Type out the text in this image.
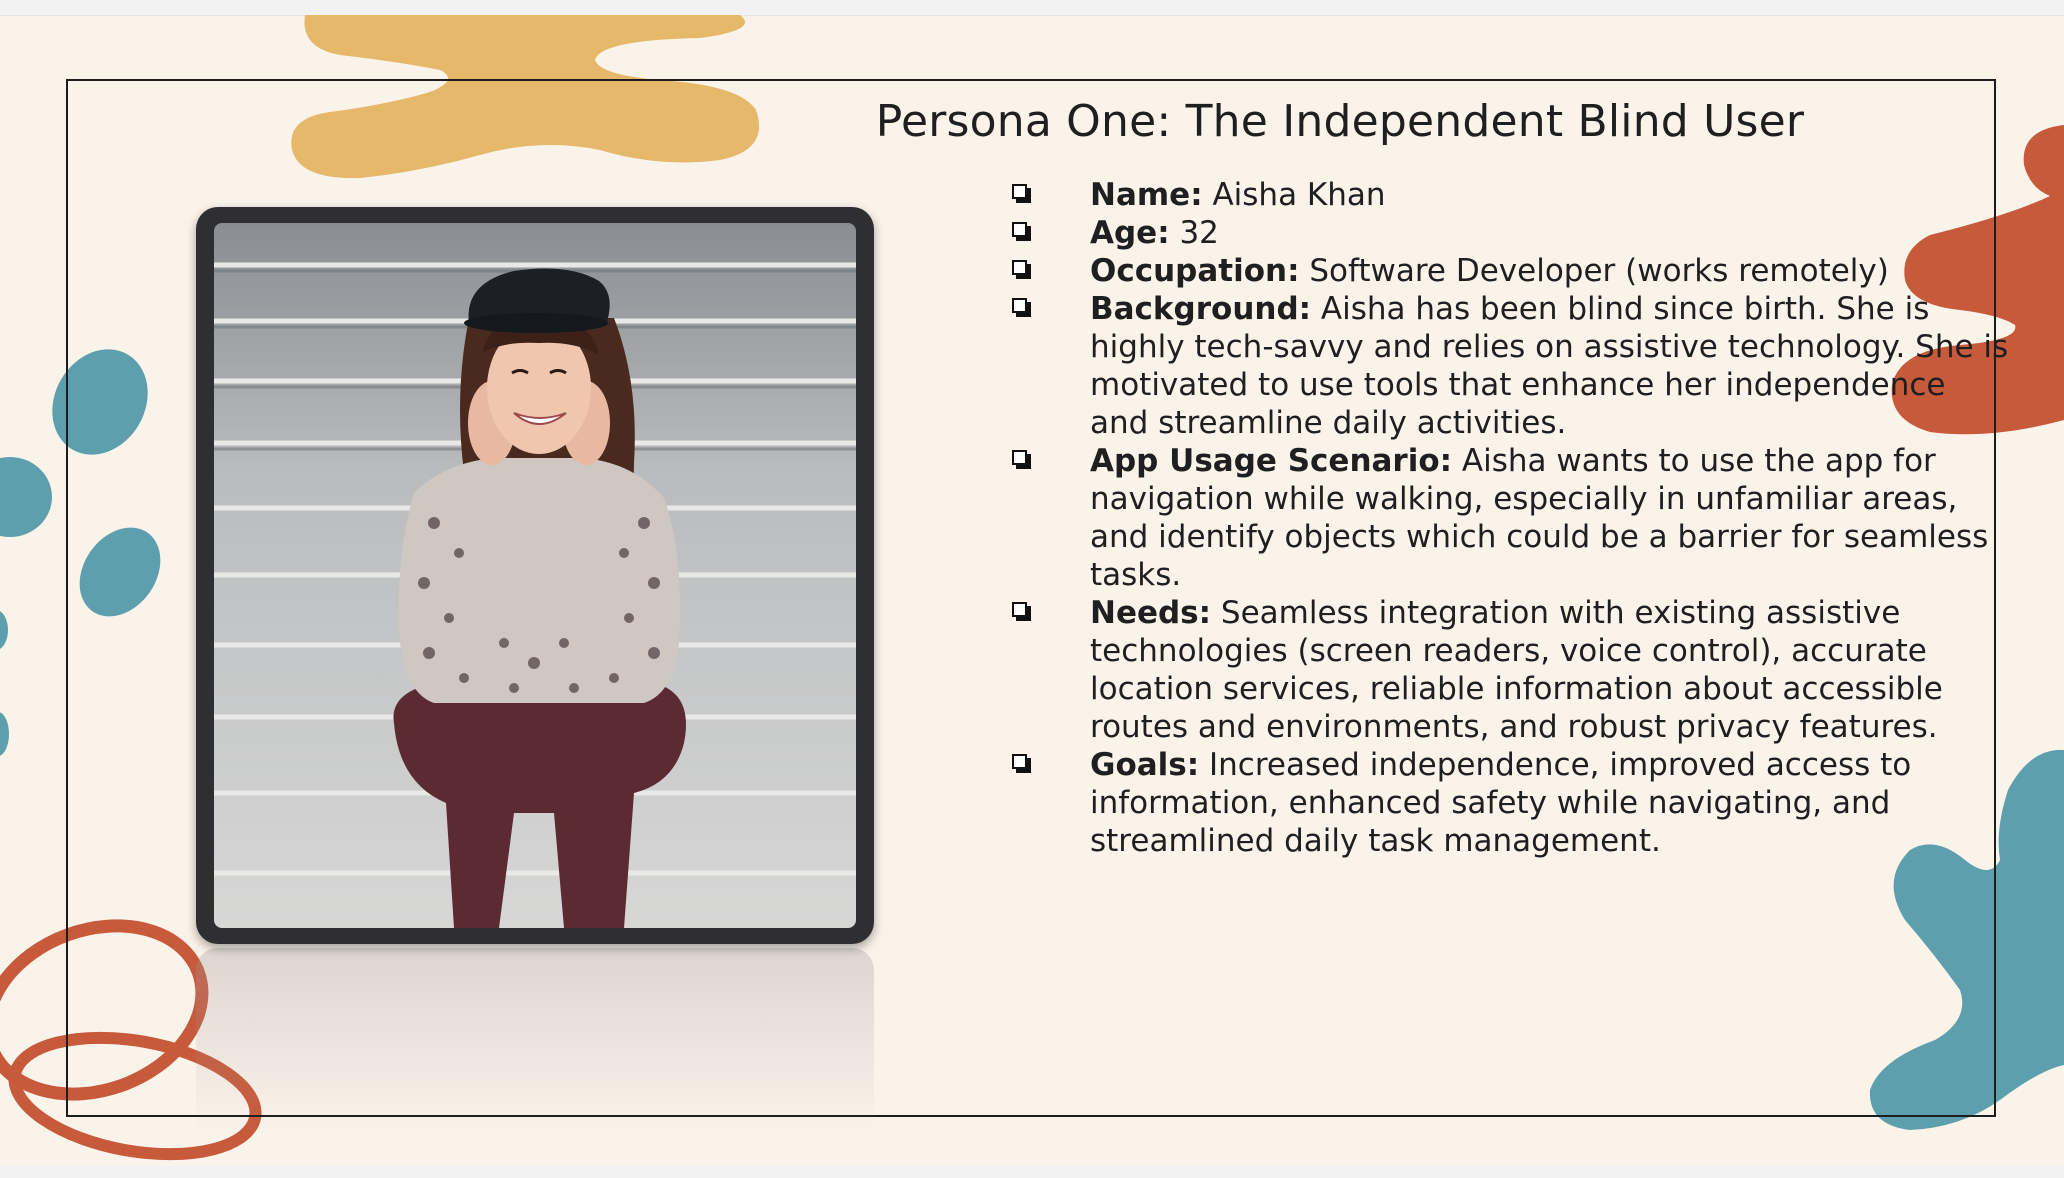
Persona One: The Independent Blind User
Name: Aisha Khan
Age: 32
Occupation: Software Developer (works remotely)
Background: Aisha has been blind since birth. She is highly tech-savvy and relies on assistive technology. She is motivated to use tools that enhance her independence and streamline daily activities.
App Usage Scenario: Aisha wants to use the app for navigation while walking, especially in unfamiliar areas, and identify objects which could be a barrier for seamless tasks.
Needs: Seamless integration with existing assistive technologies (screen readers, voice control), accurate location services, reliable information about accessible routes and environments, and robust privacy features.
Goals: Increased independence, improved access to information, enhanced safety while navigating, and streamlined daily task management.
